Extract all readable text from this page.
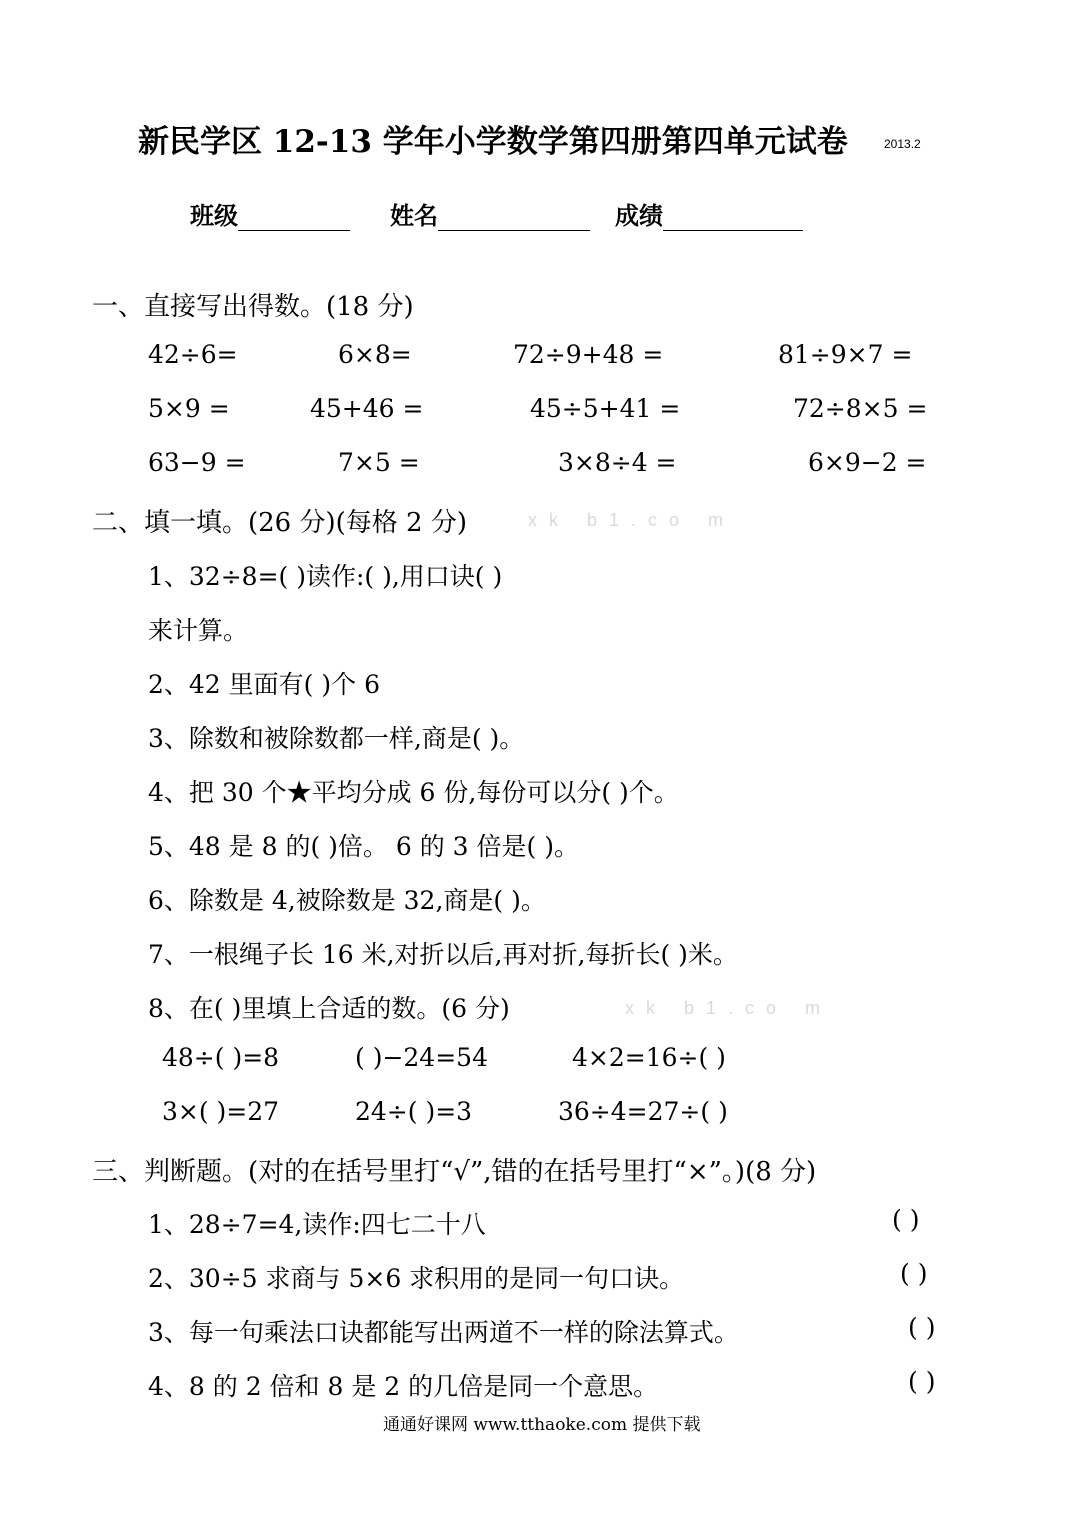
新民学区 12-13 学年小学数学第四册第四单元试卷	2013.2
班级	姓名	成绩
一、直接写出得数。(18 分)
42÷6=	6×8=	72÷9+48 =	81÷9×7 =
5×9 =	45+46 =	45÷5+41 =	72÷8×5 =
63−9 =	7×5 =	3×8÷4 =	6×9−2 =
二、填一填。(26 分)(每格 2 分)	xk b1.co m
1、32÷8=( )读作:( ),用口诀( )
来计算。
2、42 里面有( )个 6
3、除数和被除数都一样,商是( )。
4、把 30 个★平均分成 6 份,每份可以分( )个。
5、48 是 8 的( )倍。 6 的 3 倍是( )。
6、除数是 4,被除数是 32,商是( )。
7、一根绳子长 16 米,对折以后,再对折,每折长( )米。
8、在( )里填上合适的数。(6 分)	xk b1.co m
48÷( )=8	( )−24=54	4×2=16÷( )
3×( )=27	24÷( )=3	36÷4=27÷( )
三、判断题。(对的在括号里打“√”,错的在括号里打“×”。)(8 分)
1、28÷7=4,读作:四七二十八	( )
2、30÷5 求商与 5×6 求积用的是同一句口诀。	( )
3、每一句乘法口诀都能写出两道不一样的除法算式。	( )
4、8 的 2 倍和 8 是 2 的几倍是同一个意思。	( )
通通好课网 www.tthaoke.com 提供下载
